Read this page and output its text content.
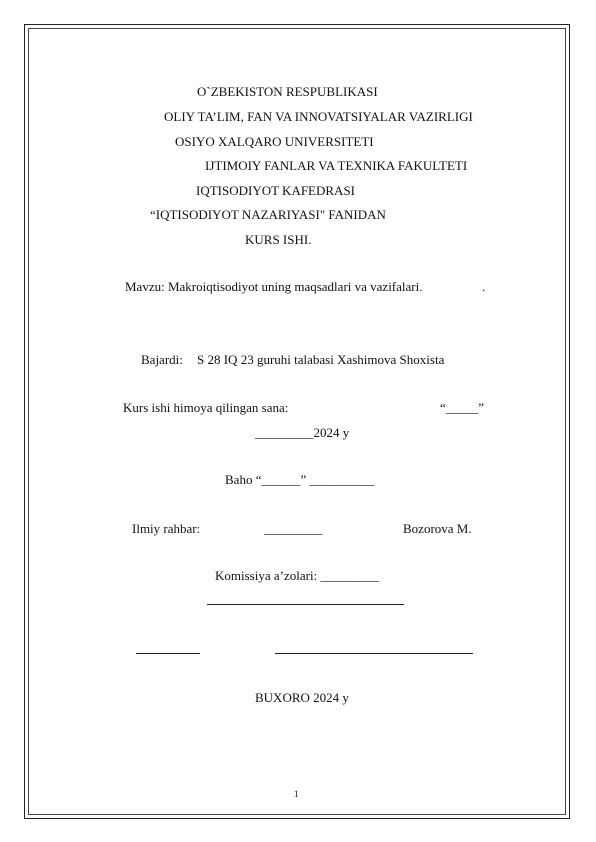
O`ZBEKISTON RESPUBLIKASI
OLIY TA’LIM, FAN VA INNOVATSIYALAR VAZIRLIGI
OSIYO XALQARO UNIVERSITETI
IJTIMOIY FANLAR VA TEXNIKA FAKULTETI
IQTISODIYOT KAFEDRASI
“IQTISODIYOT NAZARIYASI" FANIDAN
KURS ISHI.
Mavzu: Makroiqtisodiyot uning maqsadlari va vazifalari.	.
Bajardi: S 28 IQ 23 guruhi talabasi Xashimova Shoxista
Kurs ishi himoya qilingan sana:	“_____”
_________2024 y
Baho “______” __________
Ilmiy rahbar:	_________	Bozorova M.
Komissiya a’zolari: _________
BUXORO 2024 y
1
